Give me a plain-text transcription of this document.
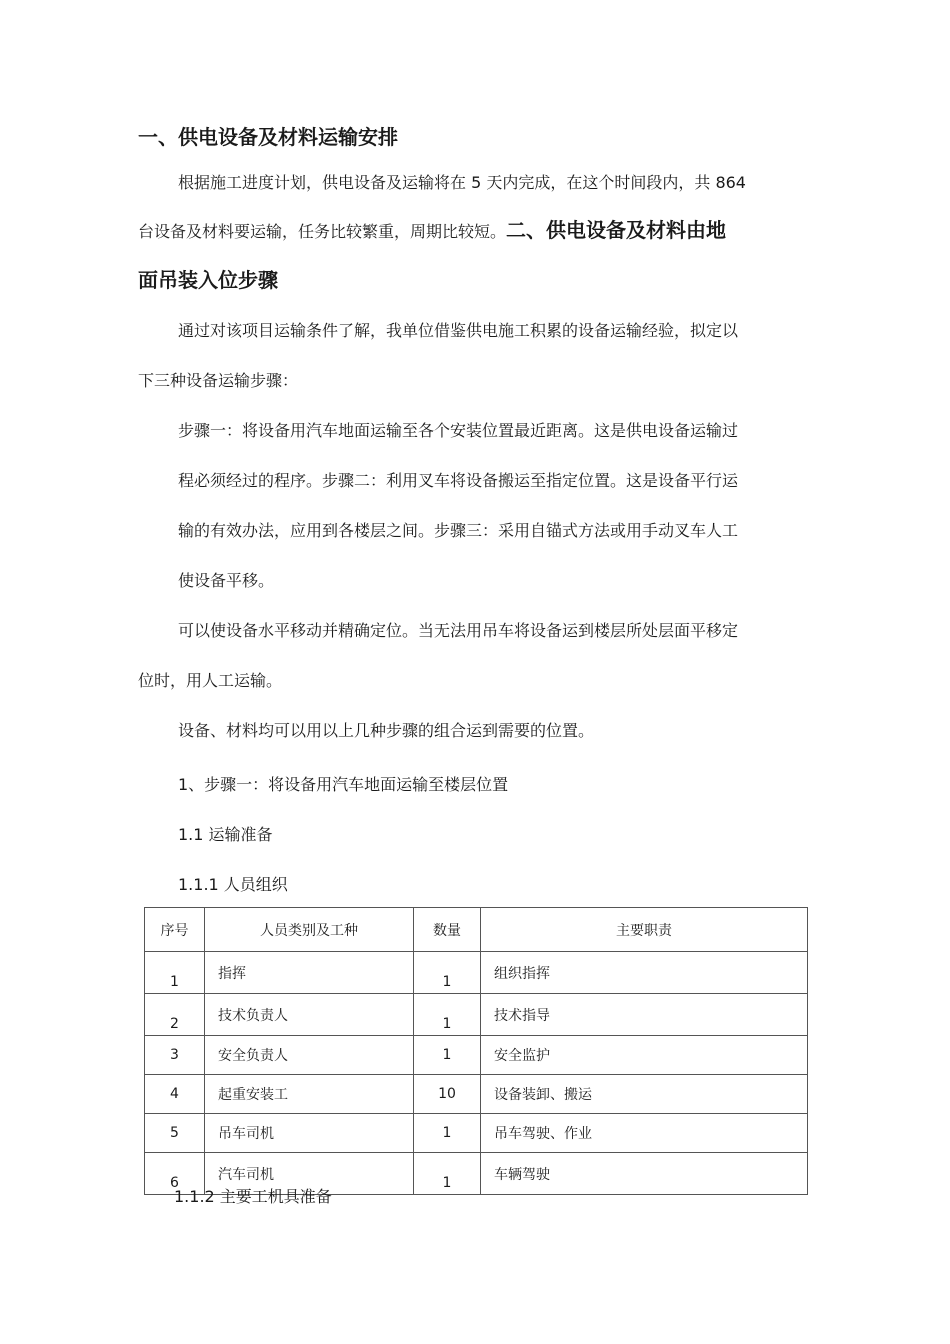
一、供电设备及材料运输安排
根据施工进度计划，供电设备及运输将在 5 天内完成，在这个时间段内，共 864
台设备及材料要运输，任务比较繁重，周期比较短。二、供电设备及材料由地
面吊装入位步骤
通过对该项目运输条件了解，我单位借鉴供电施工积累的设备运输经验，拟定以
下三种设备运输步骤：
步骤一：将设备用汽车地面运输至各个安装位置最近距离。这是供电设备运输过
程必须经过的程序。步骤二：利用叉车将设备搬运至指定位置。这是设备平行运
输的有效办法，应用到各楼层之间。步骤三：采用自锚式方法或用手动叉车人工
使设备平移。
可以使设备水平移动并精确定位。当无法用吊车将设备运到楼层所处层面平移定
位时，用人工运输。
设备、材料均可以用以上几种步骤的组合运到需要的位置。
1、步骤一：将设备用汽车地面运输至楼层位置
1.1 运输准备
1.1.1 人员组织
序号	人员类别及工种	数量	主要职责
1	指挥	1	组织指挥
2	技术负责人	1	技术指导
3	安全负责人	1	安全监护
4	起重安装工	10	设备装卸、搬运
5	吊车司机	1	吊车驾驶、作业
6	汽车司机	1	车辆驾驶
1.1.2 主要工机具准备
